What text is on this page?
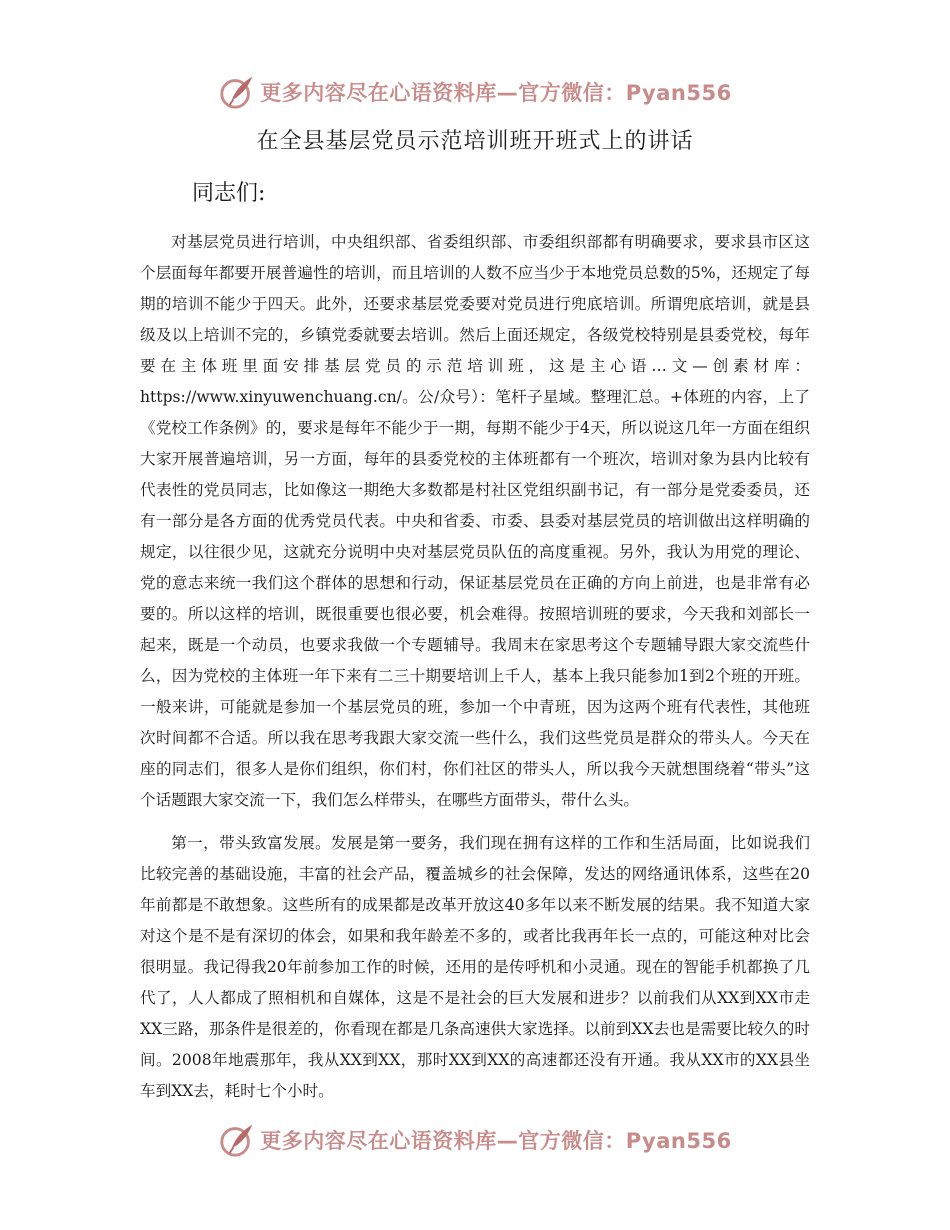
更多内容尽在心语资料库—官方微信：Pyan556
在全县基层党员示范培训班开班式上的讲话

同志们:

对基层党员进行培训，中央组织部、省委组织部、市委组织部都有明确要求，要求县市区这个层面每年都要开展普遍性的培训，而且培训的人数不应当少于本地党员总数的5%，还规定了每期的培训不能少于四天。此外，还要求基层党委要对党员进行兜底培训。所谓兜底培训，就是县级及以上培训不完的，乡镇党委就要去培训。然后上面还规定，各级党校特别是县委党校，每年要在主体班里面安排基层党员的示范培训班，这是主心语…文—创素材库：https://www.xinyuwenchuang.cn/。公/众号）：笔杆子星域。整理汇总。+体班的内容，上了《党校工作条例》的，要求是每年不能少于一期，每期不能少于4天，所以说这几年一方面在组织大家开展普遍培训，另一方面，每年的县委党校的主体班都有一个班次，培训对象为县内比较有代表性的党员同志，比如像这一期绝大多数都是村社区党组织副书记，有一部分是党委委员，还有一部分是各方面的优秀党员代表。中央和省委、市委、县委对基层党员的培训做出这样明确的规定，以往很少见，这就充分说明中央对基层党员队伍的高度重视。另外，我认为用党的理论、党的意志来统一我们这个群体的思想和行动，保证基层党员在正确的方向上前进，也是非常有必要的。所以这样的培训，既很重要也很必要，机会难得。按照培训班的要求，今天我和刘部长一起来，既是一个动员，也要求我做一个专题辅导。我周末在家思考这个专题辅导跟大家交流些什么，因为党校的主体班一年下来有二三十期要培训上千人，基本上我只能参加1到2个班的开班。一般来讲，可能就是参加一个基层党员的班，参加一个中青班，因为这两个班有代表性，其他班次时间都不合适。所以我在思考我跟大家交流一些什么，我们这些党员是群众的带头人。今天在座的同志们，很多人是你们组织，你们村，你们社区的带头人，所以我今天就想围绕着“带头”这个话题跟大家交流一下，我们怎么样带头，在哪些方面带头，带什么头。

第一，带头致富发展。发展是第一要务，我们现在拥有这样的工作和生活局面，比如说我们比较完善的基础设施，丰富的社会产品，覆盖城乡的社会保障，发达的网络通讯体系，这些在20年前都是不敢想象。这些所有的成果都是改革开放这40多年以来不断发展的结果。我不知道大家对这个是不是有深切的体会，如果和我年龄差不多的，或者比我再年长一点的，可能这种对比会很明显。我记得我20年前参加工作的时候，还用的是传呼机和小灵通。现在的智能手机都换了几代了，人人都成了照相机和自媒体，这是不是社会的巨大发展和进步？以前我们从XX到XX市走XX三路，那条件是很差的，你看现在都是几条高速供大家选择。以前到XX去也是需要比较久的时间。2008年地震那年，我从XX到XX，那时XX到XX的高速都还没有开通。我从XX市的XX县坐车到XX去，耗时七个小时。

更多内容尽在心语资料库—官方微信：Pyan556
